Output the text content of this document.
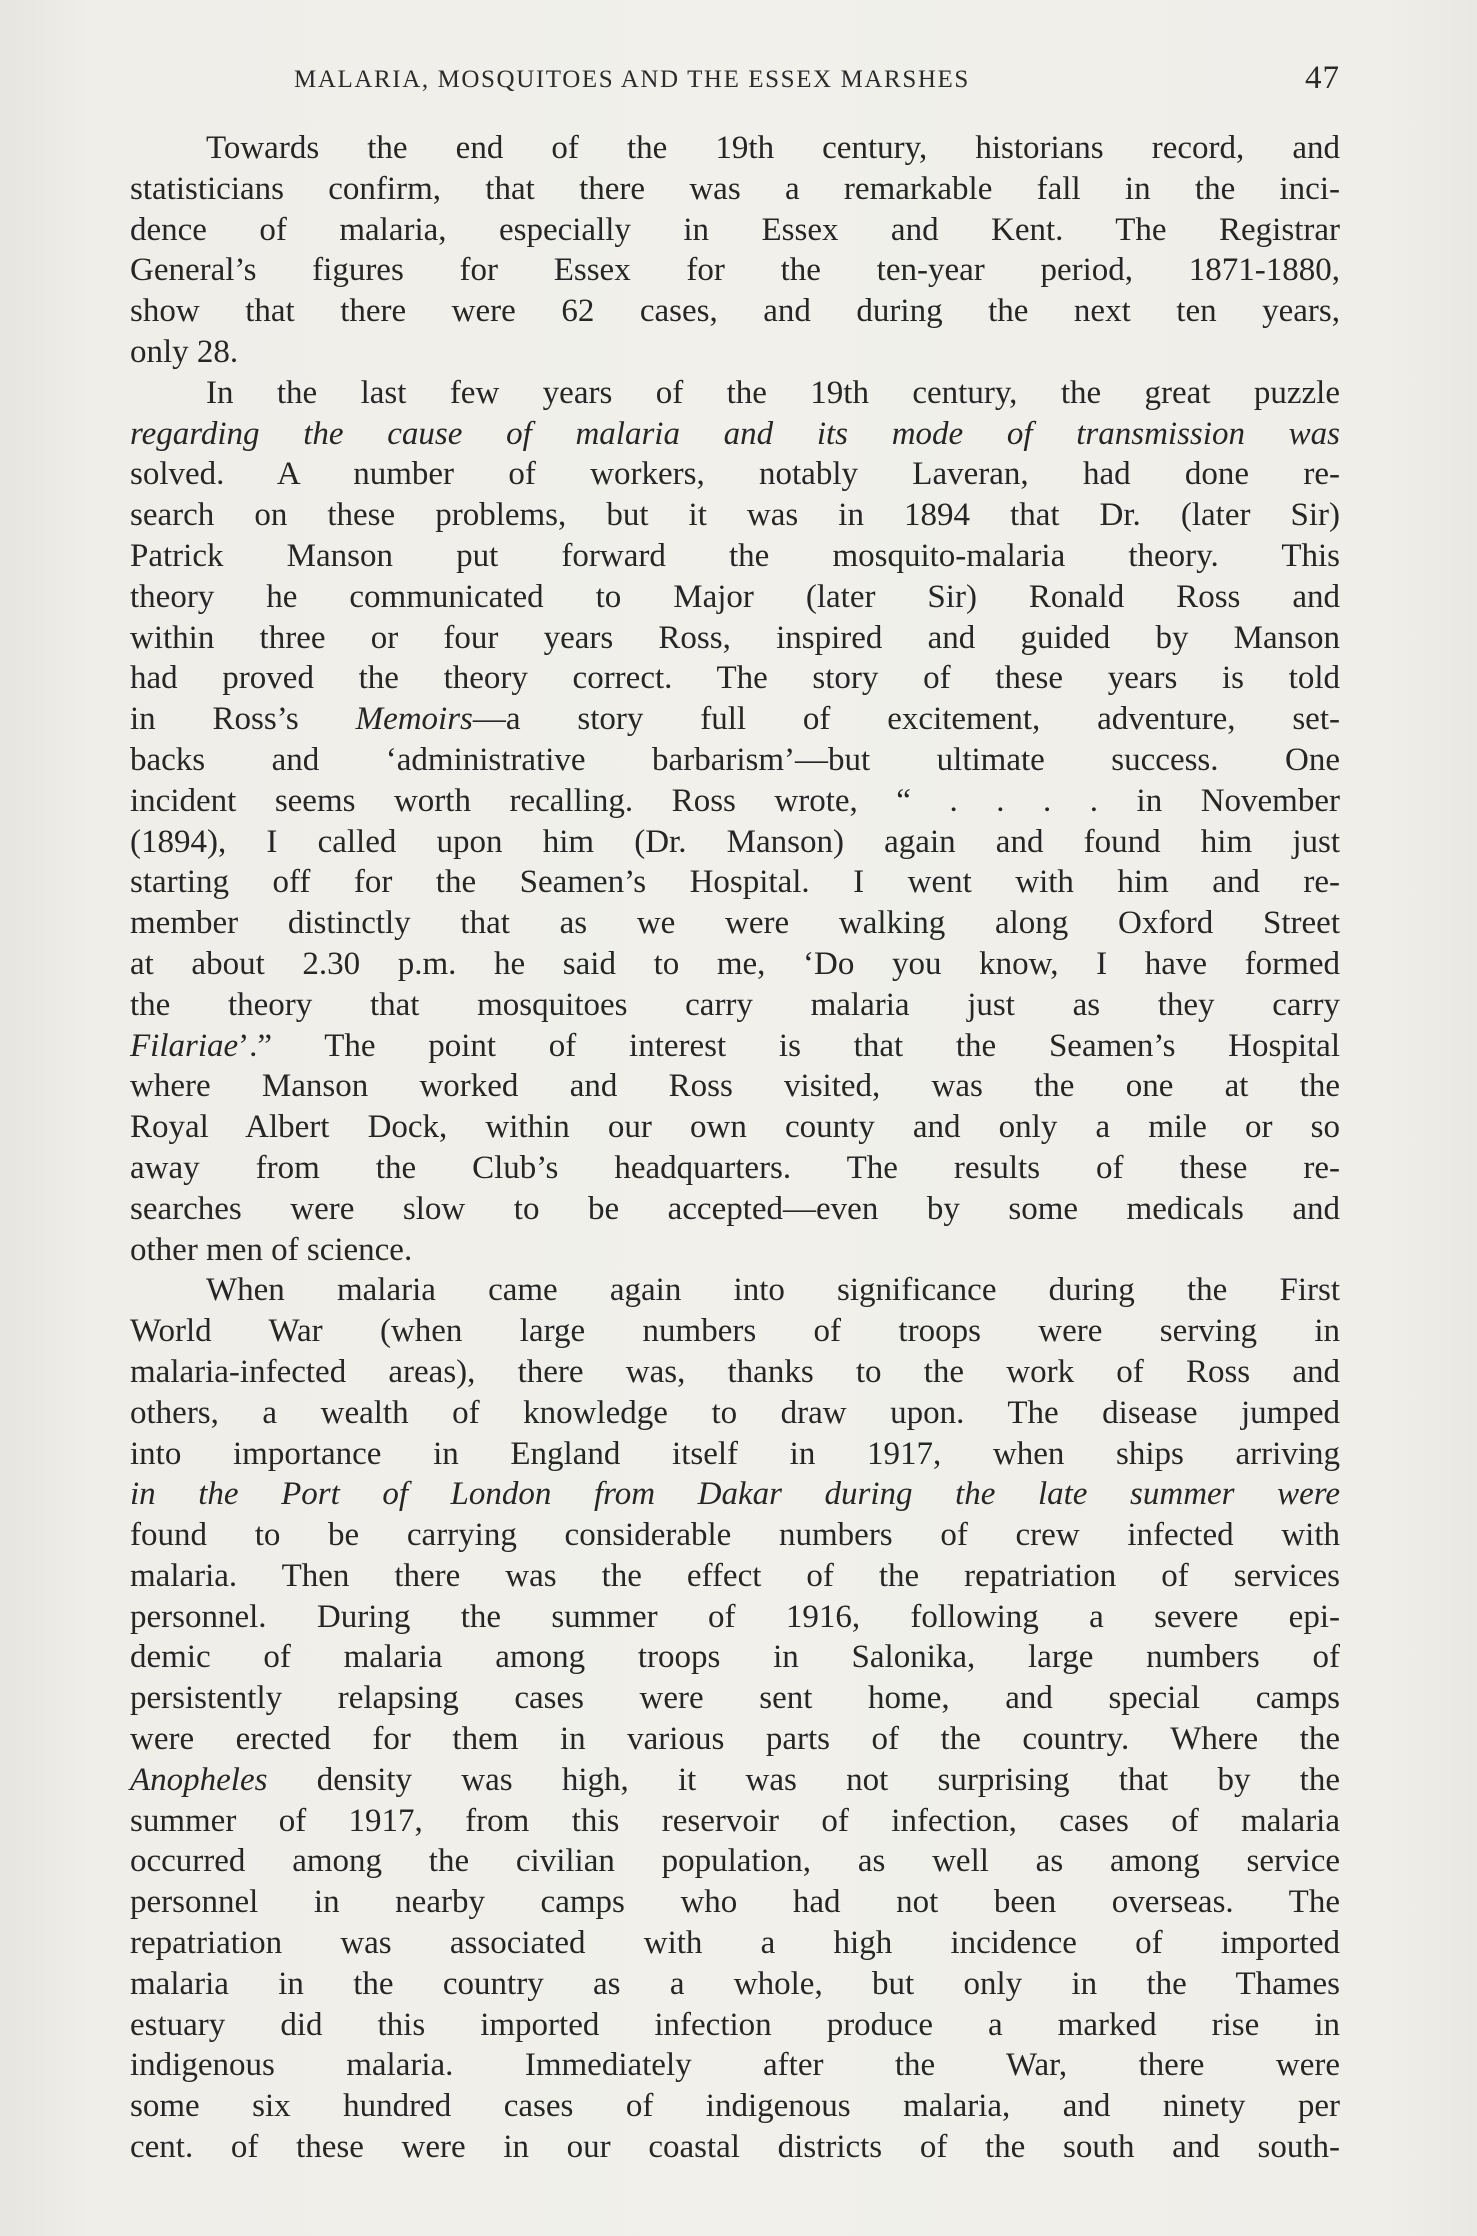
MALARIA, MOSQUITOES AND THE ESSEX MARSHES	47
Towards the end of the 19th century, historians record, and
statisticians confirm, that there was a remarkable fall in the inci-
dence of malaria, especially in Essex and Kent. The Registrar
General’s figures for Essex for the ten-year period, 1871-1880,
show that there were 62 cases, and during the next ten years,
only 28.
In the last few years of the 19th century, the great puzzle
regarding the cause of malaria and its mode of transmission was
solved. A number of workers, notably Laveran, had done re-
search on these problems, but it was in 1894 that Dr. (later Sir)
Patrick Manson put forward the mosquito-malaria theory. This
theory he communicated to Major (later Sir) Ronald Ross and
within three or four years Ross, inspired and guided by Manson
had proved the theory correct. The story of these years is told
in Ross’s Memoirs—a story full of excitement, adventure, set-
backs and ‘administrative barbarism’—but ultimate success. One
incident seems worth recalling. Ross wrote, “ . . . . in November
(1894), I called upon him (Dr. Manson) again and found him just
starting off for the Seamen’s Hospital. I went with him and re-
member distinctly that as we were walking along Oxford Street
at about 2.30 p.m. he said to me, ‘Do you know, I have formed
the theory that mosquitoes carry malaria just as they carry
Filariae’.” The point of interest is that the Seamen’s Hospital
where Manson worked and Ross visited, was the one at the
Royal Albert Dock, within our own county and only a mile or so
away from the Club’s headquarters. The results of these re-
searches were slow to be accepted—even by some medicals and
other men of science.
When malaria came again into significance during the First
World War (when large numbers of troops were serving in
malaria-infected areas), there was, thanks to the work of Ross and
others, a wealth of knowledge to draw upon. The disease jumped
into importance in England itself in 1917, when ships arriving
in the Port of London from Dakar during the late summer were
found to be carrying considerable numbers of crew infected with
malaria. Then there was the effect of the repatriation of services
personnel. During the summer of 1916, following a severe epi-
demic of malaria among troops in Salonika, large numbers of
persistently relapsing cases were sent home, and special camps
were erected for them in various parts of the country. Where the
Anopheles density was high, it was not surprising that by the
summer of 1917, from this reservoir of infection, cases of malaria
occurred among the civilian population, as well as among service
personnel in nearby camps who had not been overseas. The
repatriation was associated with a high incidence of imported
malaria in the country as a whole, but only in the Thames
estuary did this imported infection produce a marked rise in
indigenous malaria. Immediately after the War, there were
some six hundred cases of indigenous malaria, and ninety per
cent. of these were in our coastal districts of the south and south-
